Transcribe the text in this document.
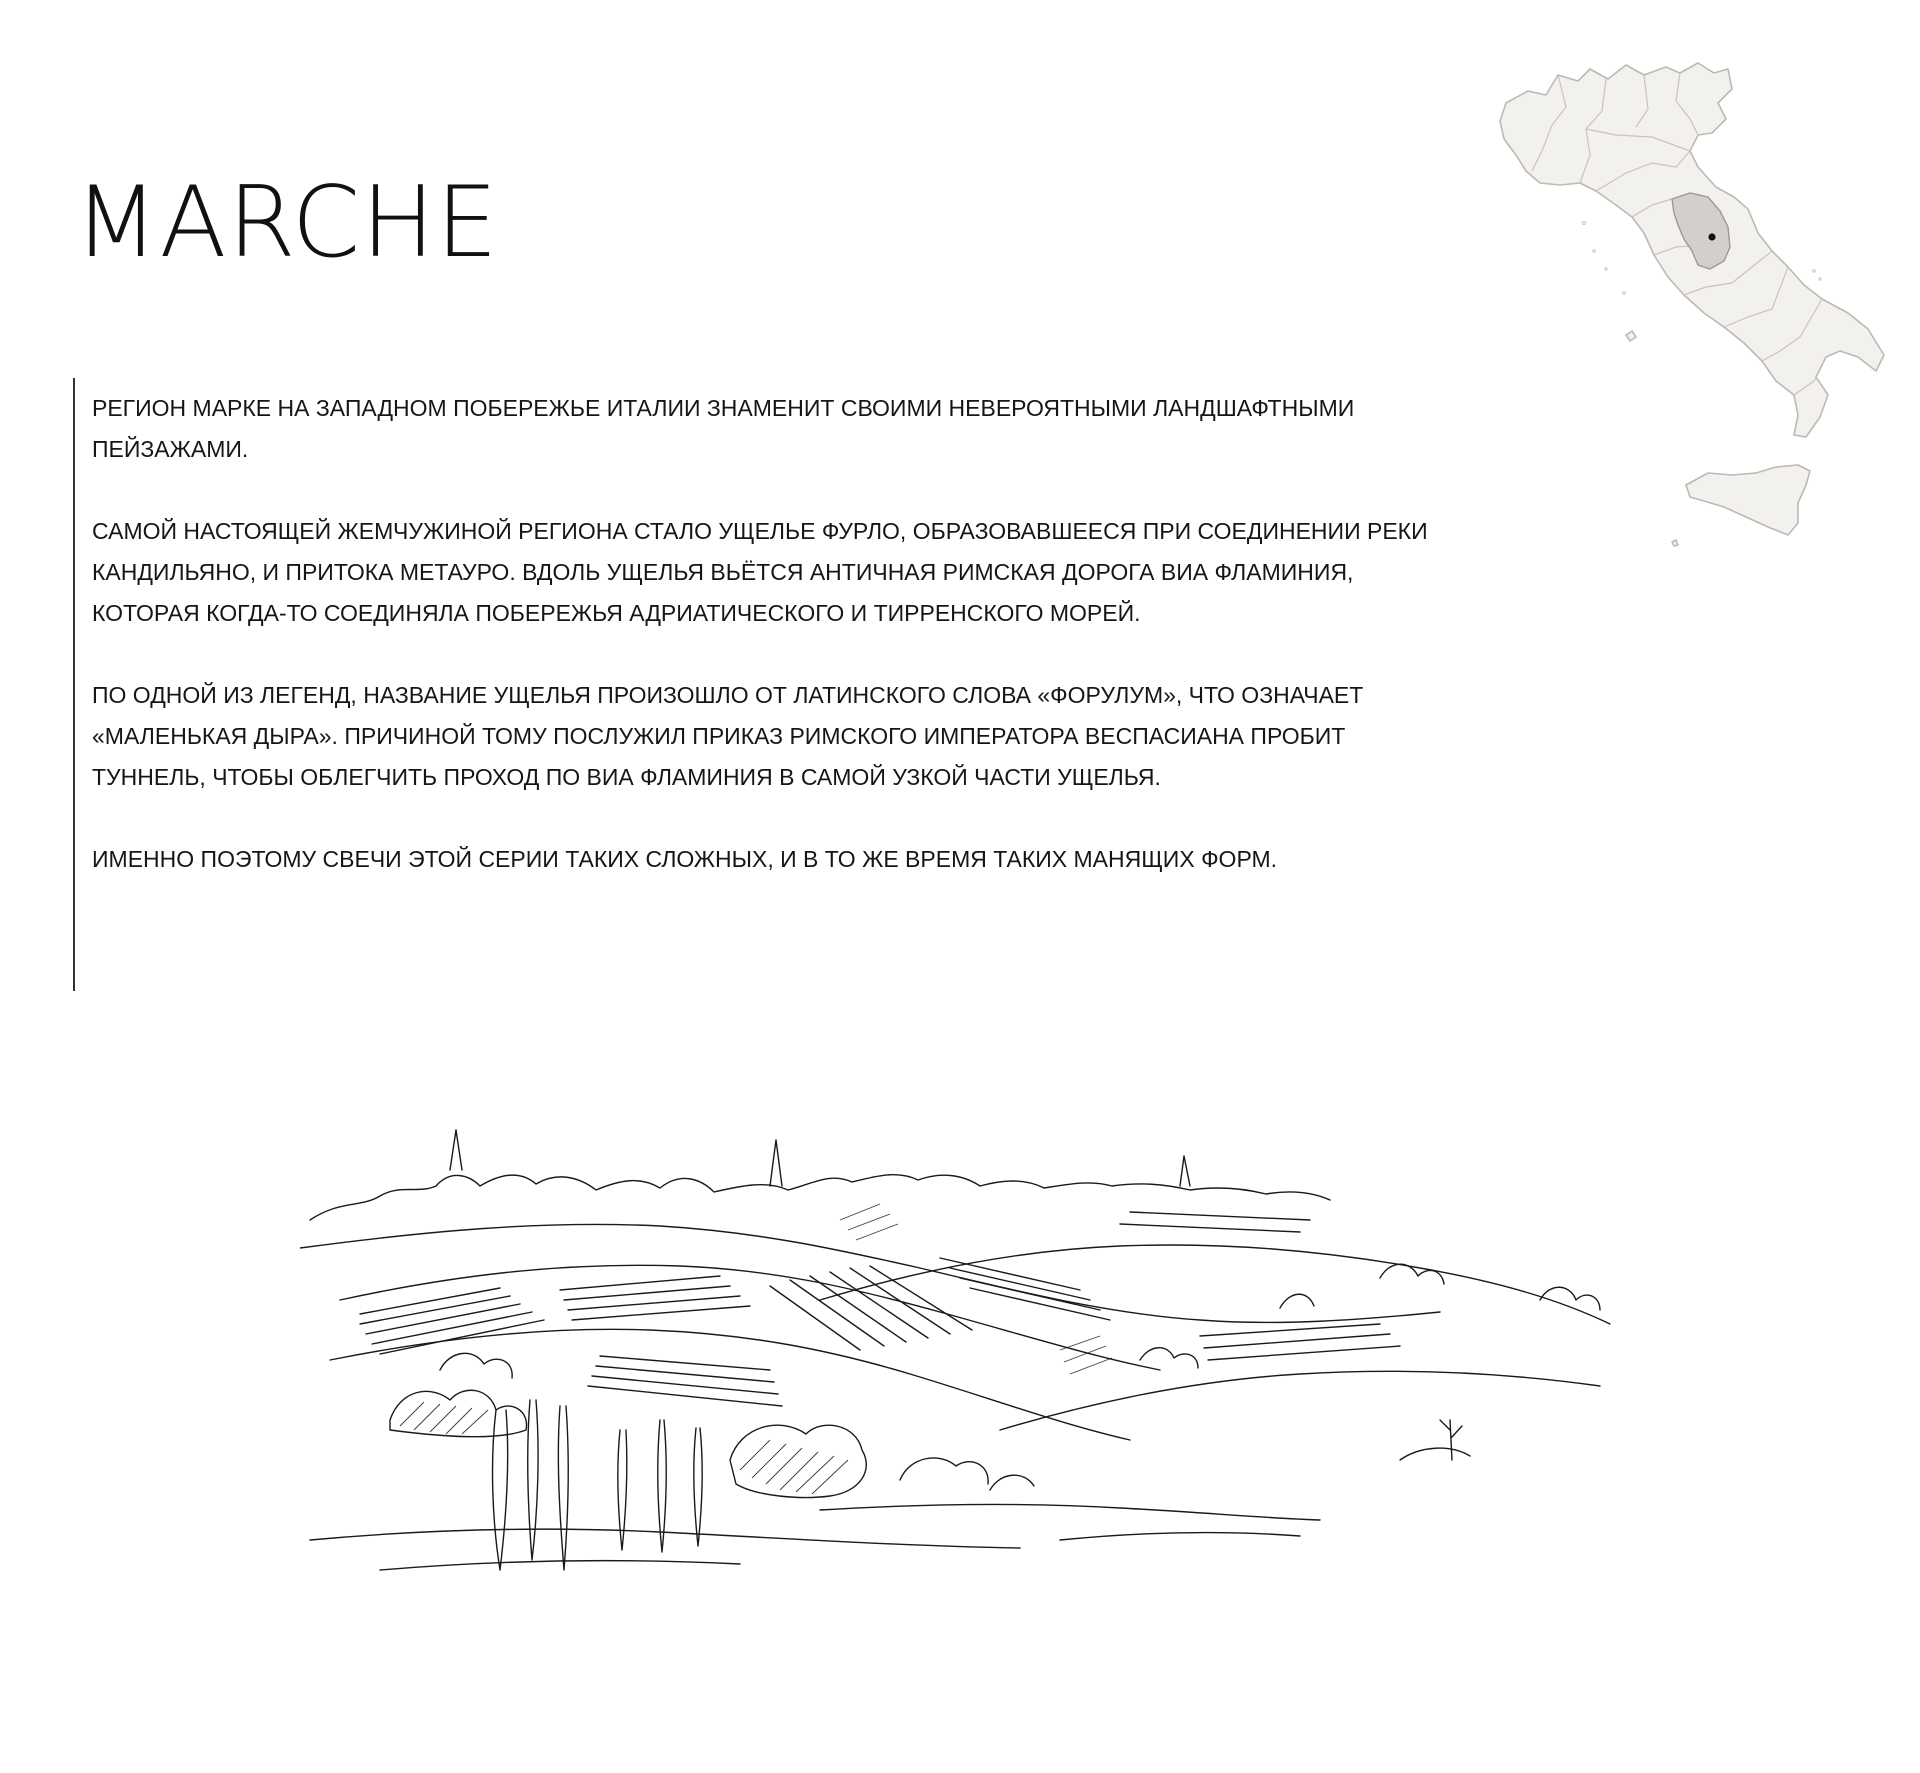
MARCHE

РЕГИОН МАРКЕ НА ЗАПАДНОМ ПОБЕРЕЖЬЕ ИТАЛИИ ЗНАМЕНИТ СВОИМИ НЕВЕРОЯТНЫМИ ЛАНДШАФТНЫМИ ПЕЙЗАЖАМИ.

САМОЙ НАСТОЯЩЕЙ ЖЕМЧУЖИНОЙ РЕГИОНА СТАЛО УЩЕЛЬЕ ФУРЛО, ОБРАЗОВАВШЕЕСЯ ПРИ СОЕДИНЕНИИ РЕКИ КАНДИЛЬЯНО, И ПРИТОКА МЕТАУРО. ВДОЛЬ УЩЕЛЬЯ ВЬЁТСЯ АНТИЧНАЯ РИМСКАЯ ДОРОГА ВИА ФЛАМИНИЯ, КОТОРАЯ КОГДА-ТО СОЕДИНЯЛА ПОБЕРЕЖЬЯ АДРИАТИЧЕСКОГО И ТИРРЕНСКОГО МОРЕЙ.

ПО ОДНОЙ ИЗ ЛЕГЕНД, НАЗВАНИЕ УЩЕЛЬЯ ПРОИЗОШЛО ОТ ЛАТИНСКОГО СЛОВА «ФОРУЛУМ», ЧТО ОЗНАЧАЕТ «МАЛЕНЬКАЯ ДЫРА». ПРИЧИНОЙ ТОМУ ПОСЛУЖИЛ ПРИКАЗ РИМСКОГО ИМПЕРАТОРА ВЕСПАСИАНА ПРОБИТ ТУННЕЛЬ, ЧТОБЫ ОБЛЕГЧИТЬ ПРОХОД ПО ВИА ФЛАМИНИЯ В САМОЙ УЗКОЙ ЧАСТИ УЩЕЛЬЯ.

ИМЕННО ПОЭТОМУ СВЕЧИ ЭТОЙ СЕРИИ ТАКИХ СЛОЖНЫХ, И В ТО ЖЕ ВРЕМЯ ТАКИХ МАНЯЩИХ ФОРМ.
